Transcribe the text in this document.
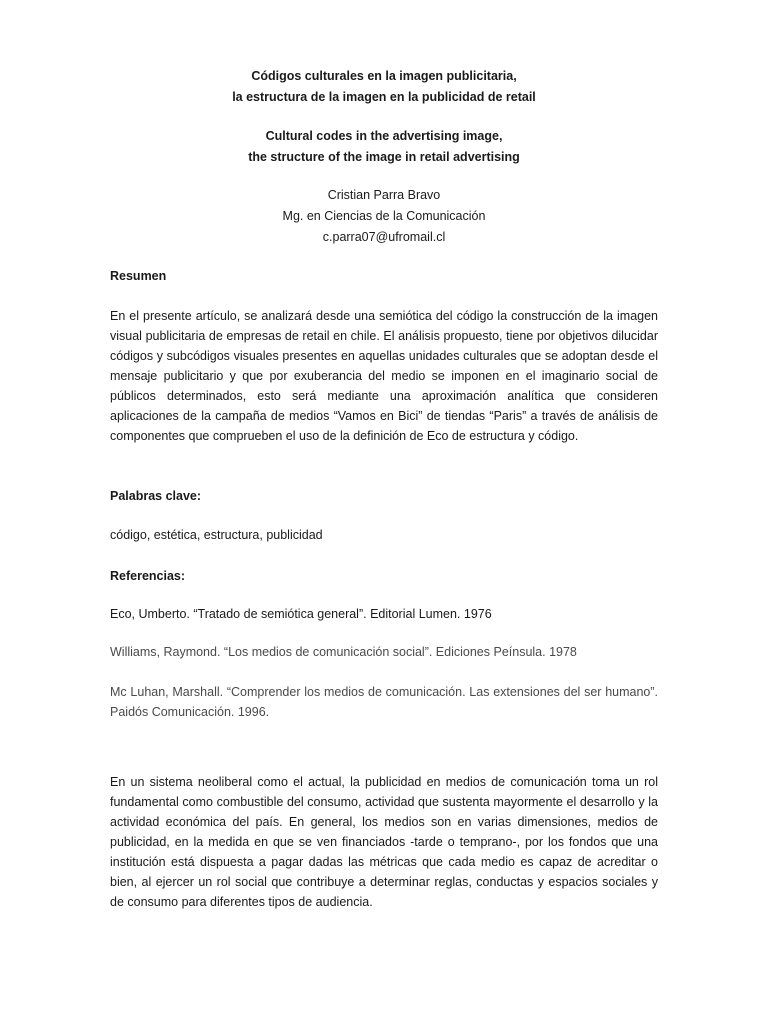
Códigos culturales en la imagen publicitaria,
la estructura de la imagen en la publicidad de retail
Cultural codes in the advertising image,
the structure of the image in retail advertising
Cristian Parra Bravo
Mg. en Ciencias de la Comunicación
c.parra07@ufromail.cl
Resumen

En el presente artículo, se analizará desde una semiótica del código la construcción de la imagen visual publicitaria de empresas de retail en chile. El análisis propuesto, tiene por objetivos dilucidar códigos y subcódigos visuales presentes en aquellas unidades culturales que se adoptan desde el mensaje publicitario y que por exuberancia del medio se imponen en el imaginario social de públicos determinados, esto será mediante una aproximación analítica que consideren aplicaciones de la campaña de medios “Vamos en Bici” de tiendas “Paris” a través de análisis de componentes que comprueben el uso de la definición de Eco de estructura y código.

Palabras clave:

código, estética, estructura, publicidad

Referencias:
Eco, Umberto. “Tratado de semiótica general”. Editorial Lumen. 1976
Williams, Raymond. “Los medios de comunicación social”. Ediciones Peínsula. 1978
Mc Luhan, Marshall. “Comprender los medios de comunicación. Las extensiones del ser humano”. Paidós Comunicación. 1996.

En un sistema neoliberal como el actual, la publicidad en medios de comunicación toma un rol fundamental como combustible del consumo, actividad que sustenta mayormente el desarrollo y la actividad económica del país. En general, los medios son en varias dimensiones, medios de publicidad, en la medida en que se ven financiados -tarde o temprano-, por los fondos que una institución está dispuesta a pagar dadas las métricas que cada medio es capaz de acreditar o bien, al ejercer un rol social que contribuye a determinar reglas, conductas y espacios sociales y de consumo para diferentes tipos de audiencia.
